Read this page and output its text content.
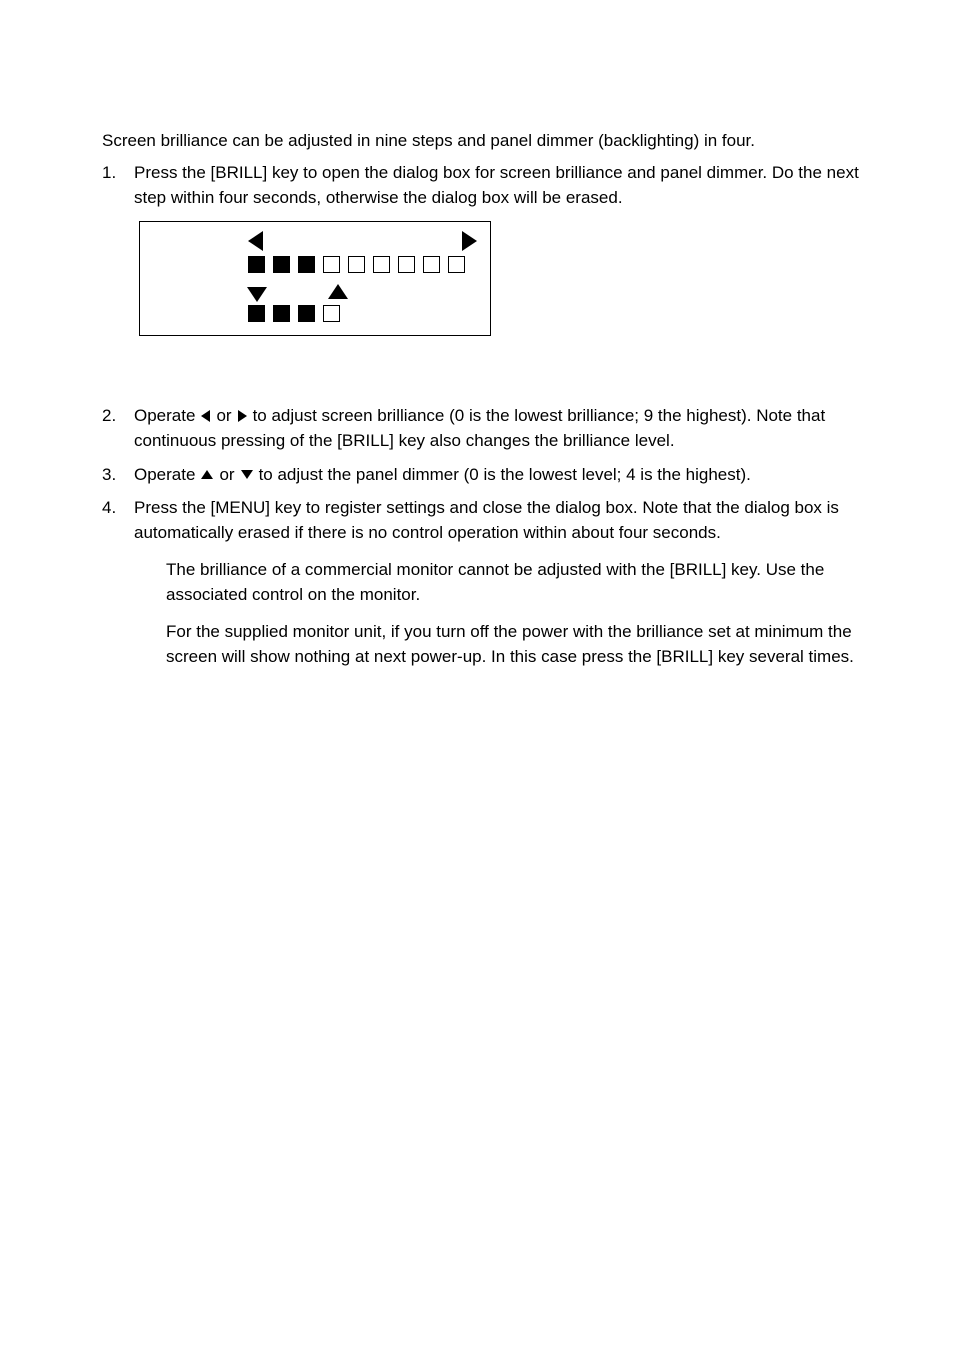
Screen brilliance can be adjusted in nine steps and panel dimmer (backlighting) in four.

1. Press the [BRILL] key to open the dialog box for screen brilliance and panel dimmer. Do the next step within four seconds, otherwise the dialog box will be erased.
2. Operate or to adjust screen brilliance (0 is the lowest brilliance; 9 the highest). Note that continuous pressing of the [BRILL] key also changes the brilliance level.
3. Operate or to adjust the panel dimmer (0 is the lowest level; 4 is the highest).
4. Press the [MENU] key to register settings and close the dialog box. Note that the dialog box is automatically erased if there is no control operation within about four seconds.

The brilliance of a commercial monitor cannot be adjusted with the [BRILL] key. Use the associated control on the monitor.

For the supplied monitor unit, if you turn off the power with the brilliance set at minimum the screen will show nothing at next power-up. In this case press the [BRILL] key several times.
